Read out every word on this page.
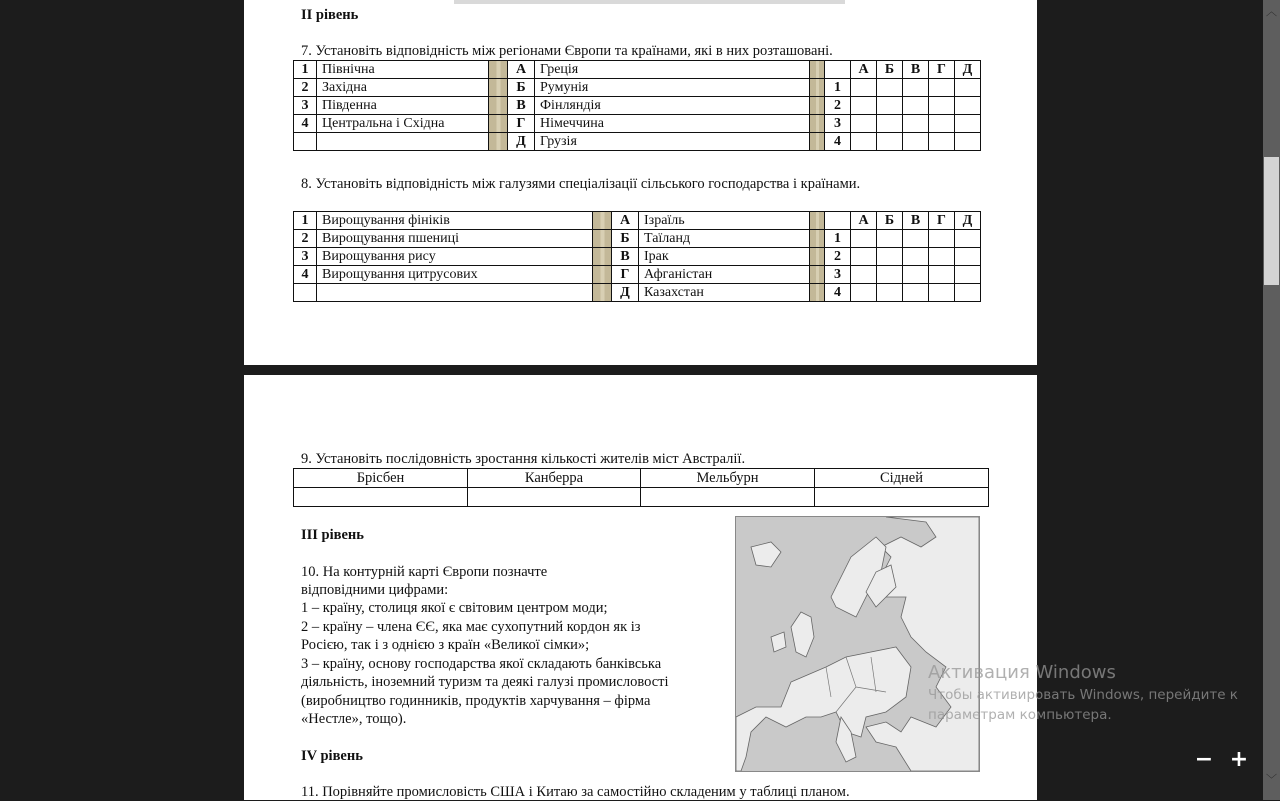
II рівень
7. Установіть відповідність між регіонами Європи та країнами, які в них розташовані.
1	Північна		А	Греція			А	Б	В	Г	Д
2	Західна		Б	Румунія		1					
3	Південна		В	Фінляндія		2					
4	Центральна і Східна		Г	Німеччина		3					
			Д	Грузія		4					
8. Установіть відповідність між галузями спеціалізації сільського господарства і країнами.
1	Вирощування фініків		А	Ізраїль			А	Б	В	Г	Д
2	Вирощування пшениці		Б	Таїланд		1					
3	Вирощування рису		В	Ірак		2					
4	Вирощування цитрусових		Г	Афганістан		3					
			Д	Казахстан		4					
9. Установіть послідовність зростання кількості жителів міст Австралії.
Брісбен	Канберра	Мельбурн	Сідней

III рівень
10. На контурній карті Європи позначте
відповідними цифрами:
1 – країну, столиця якої є світовим центром моди;
2 – країну – члена ЄЄ, яка має сухопутний кордон як із
Росією, так і з однією з країн «Великої сімки»;
3 – країну, основу господарства якої складають банківська
діяльність, іноземний туризм та деякі галузі промисловості
(виробництво годинників, продуктів харчування – фірма
«Нестле», тощо).
IV рівень
11. Порівняйте промисловість США і Китаю за самостійно складеним у таблиці планом.
Активация Windows
Чтобы активировать Windows, перейдите к
параметрам компьютера.
− +
︿
﹀
